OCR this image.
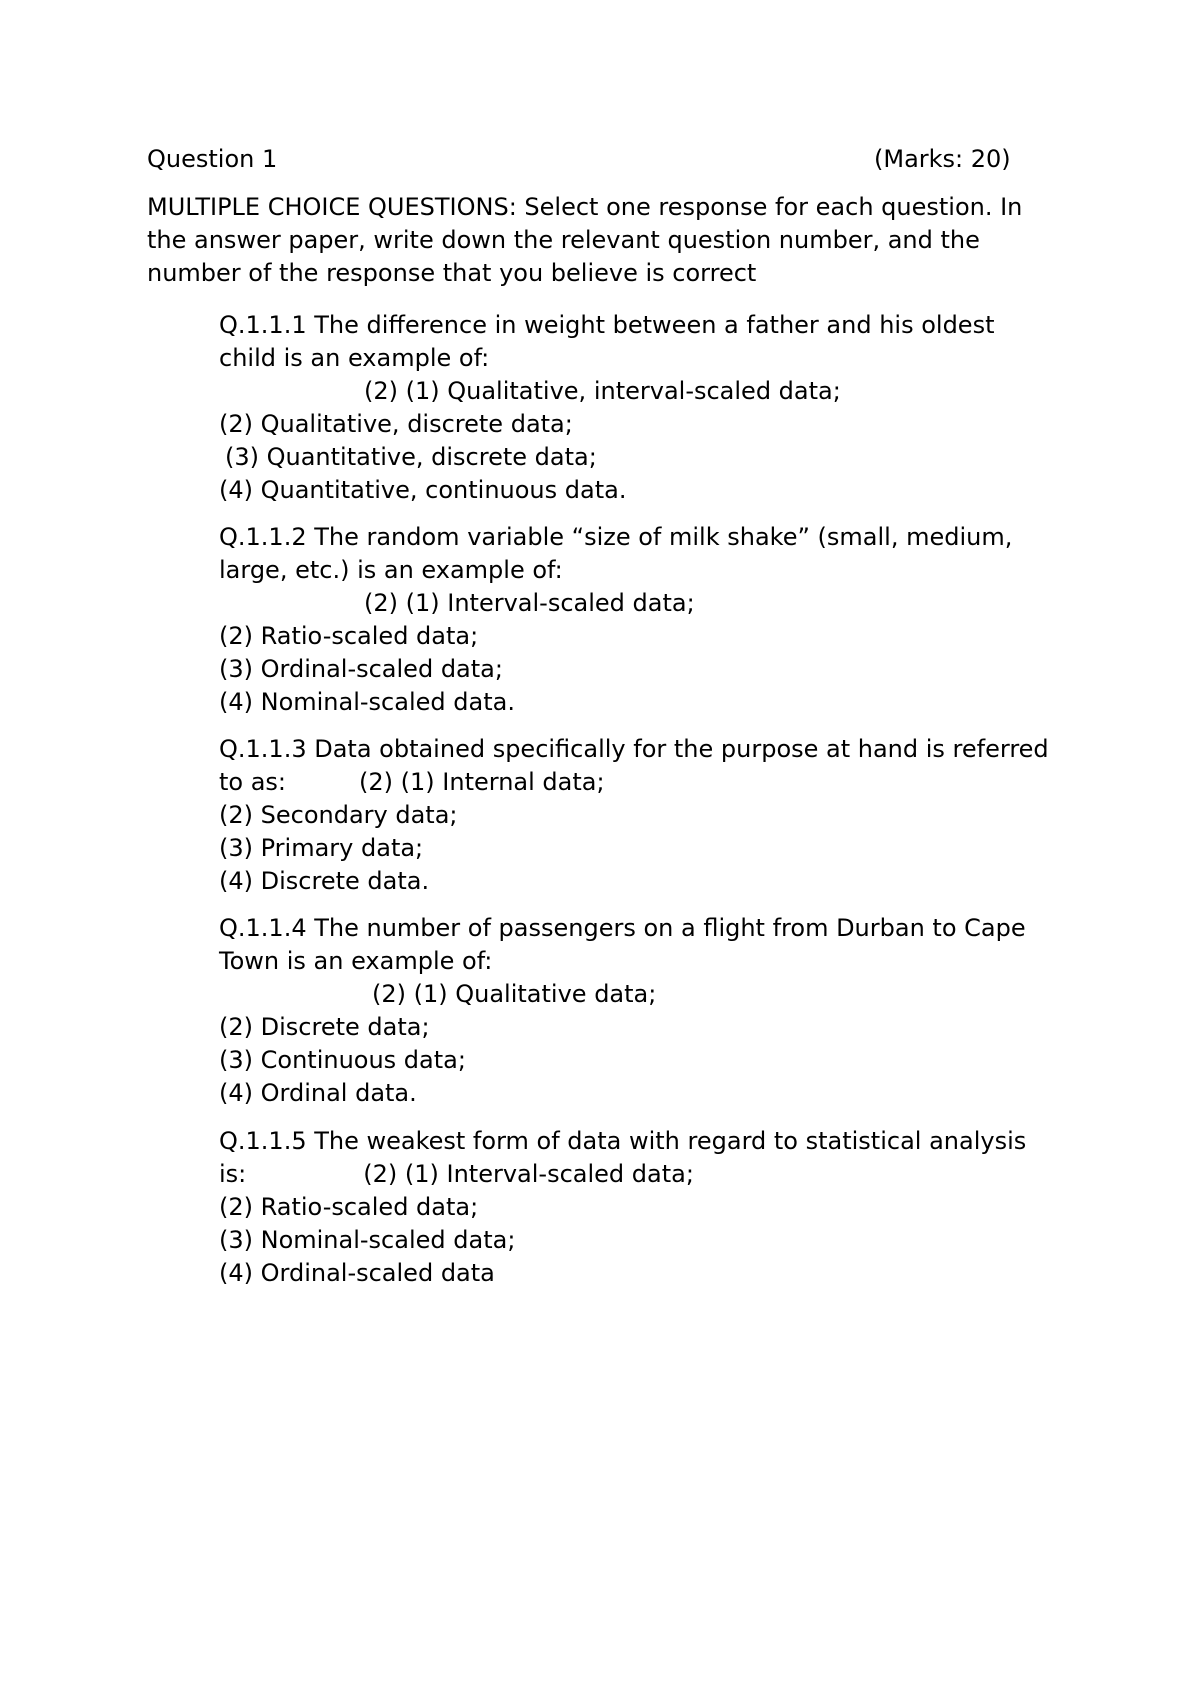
Question 1	(Marks: 20)
MULTIPLE CHOICE QUESTIONS: Select one response for each question. In
the answer paper, write down the relevant question number, and the
number of the response that you believe is correct
Q.1.1.1 The difference in weight between a father and his oldest
child is an example of:
(2) (1) Qualitative, interval-scaled data;
(2) Qualitative, discrete data;
(3) Quantitative, discrete data;
(4) Quantitative, continuous data.
Q.1.1.2 The random variable “size of milk shake” (small, medium,
large, etc.) is an example of:
(2) (1) Interval-scaled data;
(2) Ratio-scaled data;
(3) Ordinal-scaled data;
(4) Nominal-scaled data.
Q.1.1.3 Data obtained specifically for the purpose at hand is referred
to as:	(2) (1) Internal data;
(2) Secondary data;
(3) Primary data;
(4) Discrete data.
Q.1.1.4 The number of passengers on a flight from Durban to Cape
Town is an example of:
(2) (1) Qualitative data;
(2) Discrete data;
(3) Continuous data;
(4) Ordinal data.
Q.1.1.5 The weakest form of data with regard to statistical analysis
is:	(2) (1) Interval-scaled data;
(2) Ratio-scaled data;
(3) Nominal-scaled data;
(4) Ordinal-scaled data
